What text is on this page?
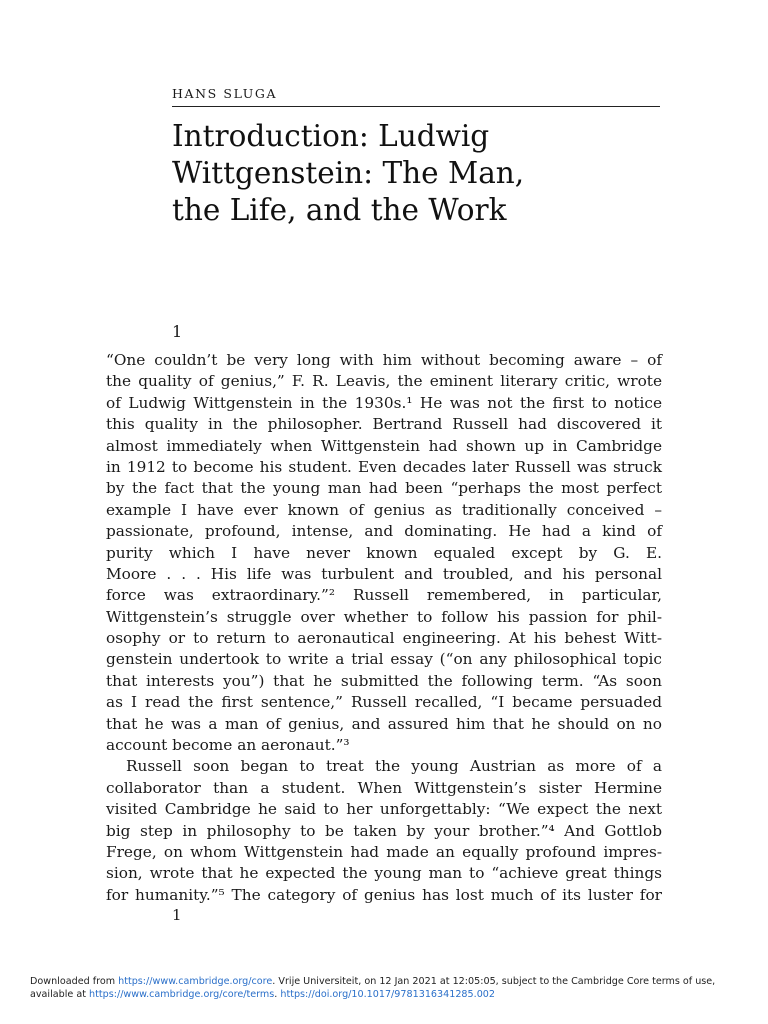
HANS SLUGA
Introduction: Ludwig
Wittgenstein: The Man,
the Life, and the Work
1
“One couldn’t be very long with him without becoming aware – of
the quality of genius,” F. R. Leavis, the eminent literary critic, wrote
of Ludwig Wittgenstein in the 1930s.¹ He was not the first to notice
this quality in the philosopher. Bertrand Russell had discovered it
almost immediately when Wittgenstein had shown up in Cambridge
in 1912 to become his student. Even decades later Russell was struck
by the fact that the young man had been “perhaps the most perfect
example I have ever known of genius as traditionally conceived –
passionate, profound, intense, and dominating. He had a kind of
purity which I have never known equaled except by G. E.
Moore . . . His life was turbulent and troubled, and his personal
force was extraordinary.”² Russell remembered, in particular,
Wittgenstein’s struggle over whether to follow his passion for phil-
osophy or to return to aeronautical engineering. At his behest Witt-
genstein undertook to write a trial essay (“on any philosophical topic
that interests you”) that he submitted the following term. “As soon
as I read the first sentence,” Russell recalled, “I became persuaded
that he was a man of genius, and assured him that he should on no
account become an aeronaut.”³
Russell soon began to treat the young Austrian as more of a
collaborator than a student. When Wittgenstein’s sister Hermine
visited Cambridge he said to her unforgettably: “We expect the next
big step in philosophy to be taken by your brother.”⁴ And Gottlob
Frege, on whom Wittgenstein had made an equally profound impres-
sion, wrote that he expected the young man to “achieve great things
for humanity.”⁵ The category of genius has lost much of its luster for
1
Downloaded from https://www.cambridge.org/core. Vrije Universiteit, on 12 Jan 2021 at 12:05:05, subject to the Cambridge Core terms of use,
available at https://www.cambridge.org/core/terms. https://doi.org/10.1017/9781316341285.002
